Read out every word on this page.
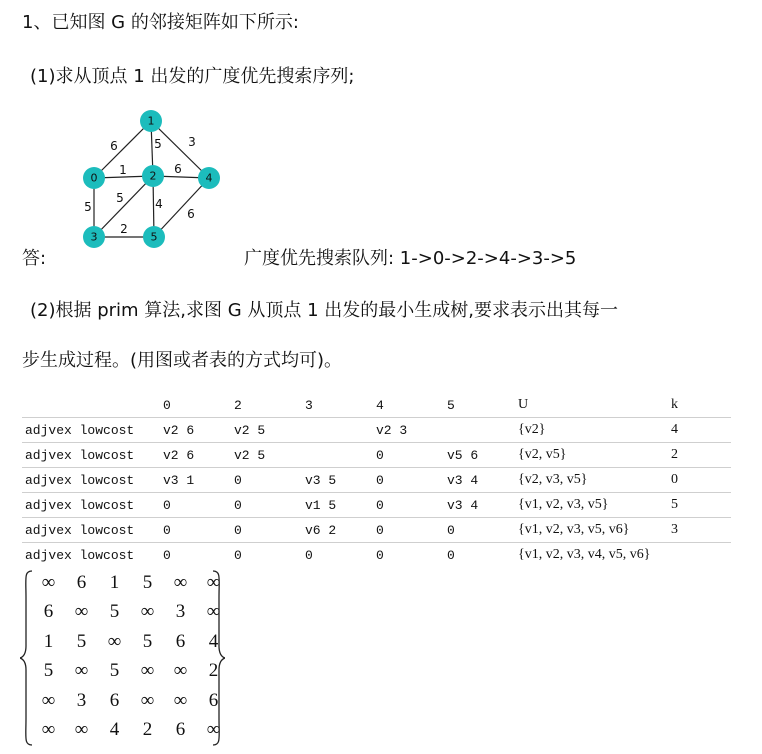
1、已知图 G 的邻接矩阵如下所示:
(1)求从顶点 1 出发的广度优先搜索序列;
6	5 3
1	6
5
5	4
2
6
1
0	2	4
3	5
答:	广度优先搜索队列: 1->0->2->4->3->5
(2)根据 prim 算法,求图 G 从顶点 1 出发的最小生成树,要求表示出其每一
步生成过程。(用图或者表的方式均可)。
	0	2	3	4	5	U	k
adjvex lowcost	v2 6	v2 5		v2 3		{v2}	4
adjvex lowcost	v2 6	v2 5		0	v5 6	{v2, v5}	2
adjvex lowcost	v3 1	0	v3 5	0	v3 4	{v2, v3, v5}	0
adjvex lowcost	0	0	v1 5	0	v3 4	{v1, v2, v3, v5}	5
adjvex lowcost	0	0	v6 2	0	0	{v1, v2, v3, v5, v6}	3
adjvex lowcost	0	0	0	0	0	{v1, v2, v3, v4, v5, v6}	
∞	6	1	5	∞	∞
6	∞	5	∞	3	∞
1	5	∞	5	6	4
5	∞	5	∞	∞	2
∞	3	6	∞	∞	6
∞	∞	4	2	6	∞
